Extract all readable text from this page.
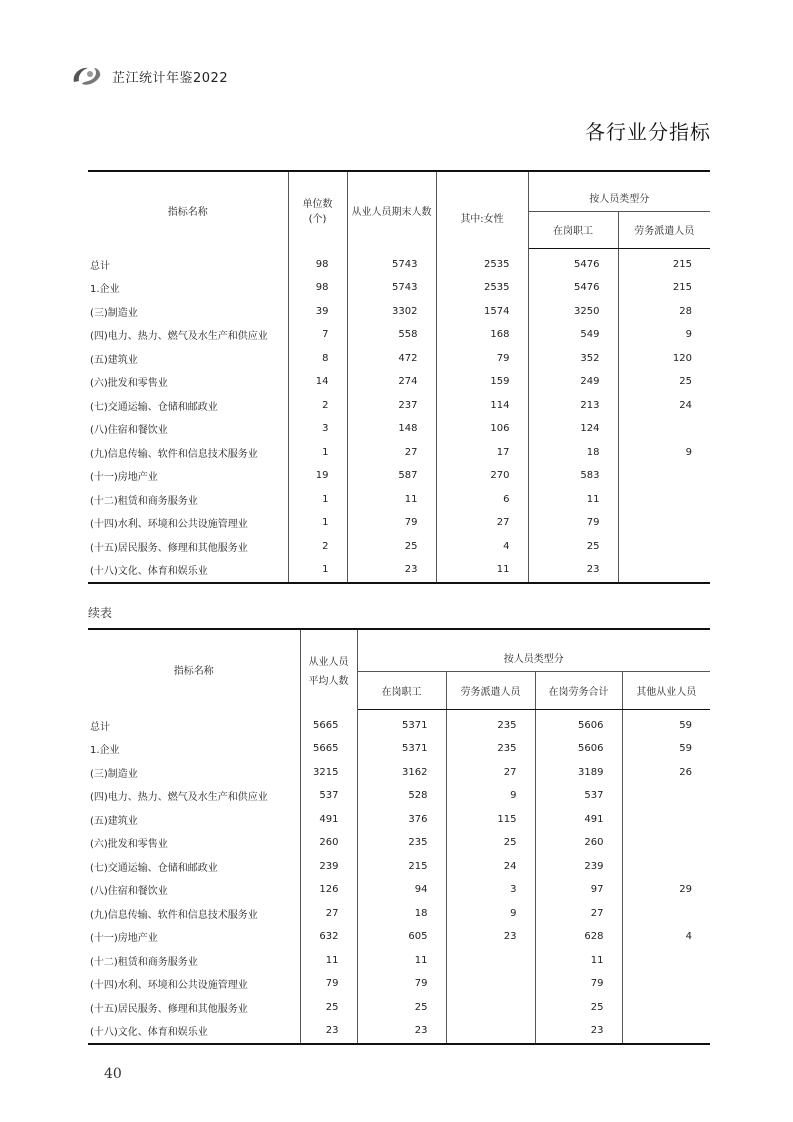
芷江统计年鉴2022
各行业分指标
指标名称	单位数
(个)	从业人员期末人数	其中:女性	按人员类型分	
				在岗职工	劳务派遣人员
总计	98	5743	2535	5476	215
1.企业	98	5743	2535	5476	215
(三)制造业	39	3302	1574	3250	28
(四)电力、热力、燃气及水生产和供应业	7	558	168	549	9
(五)建筑业	8	472	79	352	120
(六)批发和零售业	14	274	159	249	25
(七)交通运输、仓储和邮政业	2	237	114	213	24
(八)住宿和餐饮业	3	148	106	124	
(九)信息传输、软件和信息技术服务业	1	27	17	18	9
(十一)房地产业	19	587	270	583	
(十二)租赁和商务服务业	1	11	6	11	
(十四)水利、环境和公共设施管理业	1	79	27	79	
(十五)居民服务、修理和其他服务业	2	25	4	25	
(十八)文化、体育和娱乐业	1	23	11	23	
续表
指标名称	从业人员
平均人数	按人员类型分			
		在岗职工	劳务派遣人员	在岗劳务合计	其他从业人员
总计	5665	5371	235	5606	59
1.企业	5665	5371	235	5606	59
(三)制造业	3215	3162	27	3189	26
(四)电力、热力、燃气及水生产和供应业	537	528	9	537	
(五)建筑业	491	376	115	491	
(六)批发和零售业	260	235	25	260	
(七)交通运输、仓储和邮政业	239	215	24	239	
(八)住宿和餐饮业	126	94	3	97	29
(九)信息传输、软件和信息技术服务业	27	18	9	27	
(十一)房地产业	632	605	23	628	4
(十二)租赁和商务服务业	11	11		11	
(十四)水利、环境和公共设施管理业	79	79		79	
(十五)居民服务、修理和其他服务业	25	25		25	
(十八)文化、体育和娱乐业	23	23		23	
40
